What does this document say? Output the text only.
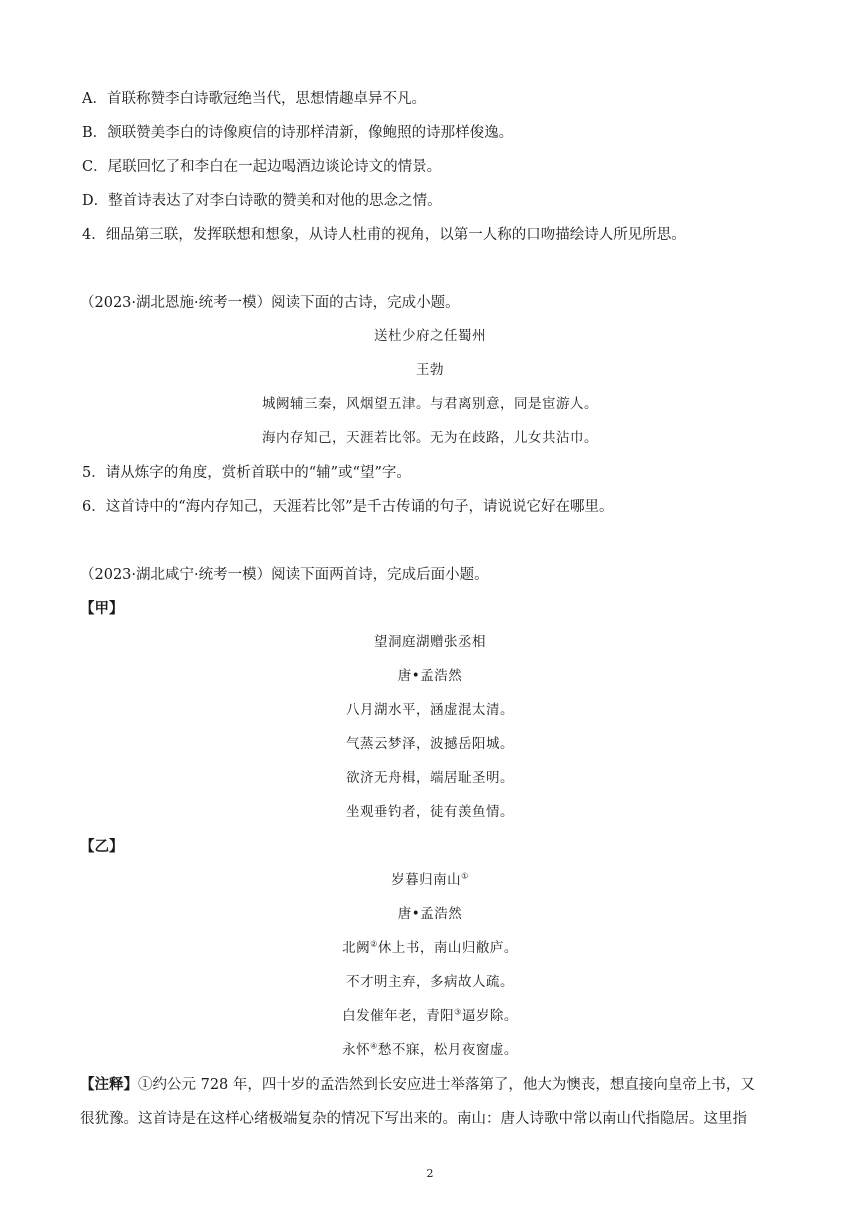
A．首联称赞李白诗歌冠绝当代，思想情趣卓异不凡。
B．颔联赞美李白的诗像庾信的诗那样清新，像鲍照的诗那样俊逸。
C．尾联回忆了和李白在一起边喝酒边谈论诗文的情景。
D．整首诗表达了对李白诗歌的赞美和对他的思念之情。
4．细品第三联，发挥联想和想象，从诗人杜甫的视角，以第一人称的口吻描绘诗人所见所思。
（2023·湖北恩施·统考一模）阅读下面的古诗，完成小题。
送杜少府之任蜀州
王勃
城阙辅三秦，风烟望五津。与君离别意，同是宦游人。
海内存知己，天涯若比邻。无为在歧路，儿女共沾巾。
5．请从炼字的角度，赏析首联中的“辅”或“望”字。
6．这首诗中的“海内存知己，天涯若比邻”是千古传诵的句子，请说说它好在哪里。
（2023·湖北咸宁·统考一模）阅读下面两首诗，完成后面小题。
【甲】
望洞庭湖赠张丞相
唐•孟浩然
八月湖水平，涵虚混太清。
气蒸云梦泽，波撼岳阳城。
欲济无舟楫，端居耻圣明。
坐观垂钓者，徒有羡鱼情。
【乙】
岁暮归南山①
唐•孟浩然
北阙②休上书，南山归敝庐。
不才明主弃，多病故人疏。
白发催年老，青阳③逼岁除。
永怀④愁不寐，松月夜窗虚。
【注释】①约公元 728 年，四十岁的孟浩然到长安应进士举落第了，他大为懊丧，想直接向皇帝上书，又
很犹豫。这首诗是在这样心绪极端复杂的情况下写出来的。南山：唐人诗歌中常以南山代指隐居。这里指
2
